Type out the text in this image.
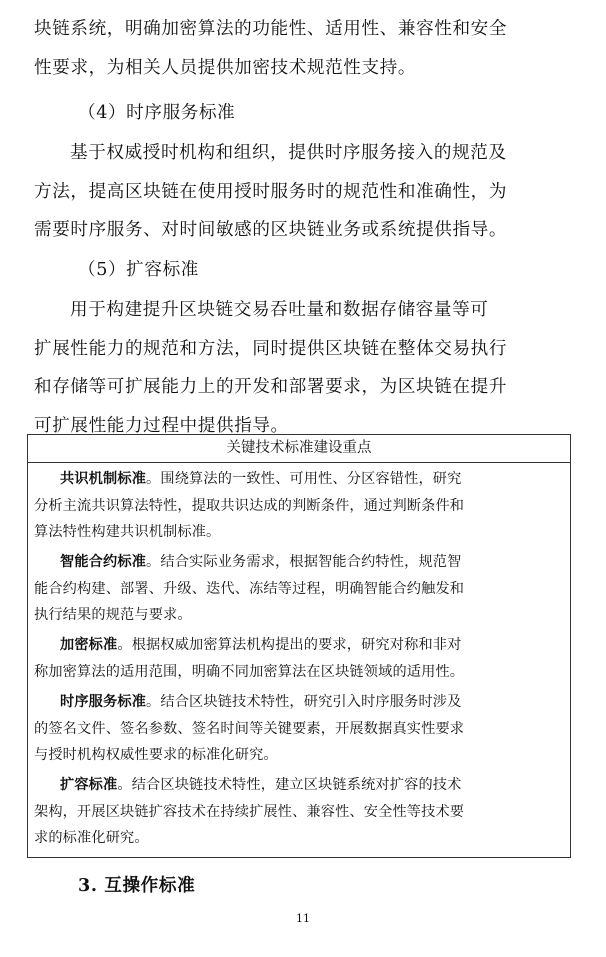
块链系统，明确加密算法的功能性、适用性、兼容性和安全
性要求，为相关人员提供加密技术规范性支持。

（4）时序服务标准

基于权威授时机构和组织，提供时序服务接入的规范及
方法，提高区块链在使用授时服务时的规范性和准确性，为
需要时序服务、对时间敏感的区块链业务或系统提供指导。

（5）扩容标准

用于构建提升区块链交易吞吐量和数据存储容量等可
扩展性能力的规范和方法，同时提供区块链在整体交易执行
和存储等可扩展能力上的开发和部署要求，为区块链在提升
可扩展性能力过程中提供指导。
关键技术标准建设重点
共识机制标准。围绕算法的一致性、可用性、分区容错性，研究
分析主流共识算法特性，提取共识达成的判断条件，通过判断条件和
算法特性构建共识机制标准。
智能合约标准。结合实际业务需求，根据智能合约特性，规范智
能合约构建、部署、升级、迭代、冻结等过程，明确智能合约触发和
执行结果的规范与要求。
加密标准。根据权威加密算法机构提出的要求，研究对称和非对
称加密算法的适用范围，明确不同加密算法在区块链领域的适用性。
时序服务标准。结合区块链技术特性，研究引入时序服务时涉及
的签名文件、签名参数、签名时间等关键要素，开展数据真实性要求
与授时机构权威性要求的标准化研究。
扩容标准。结合区块链技术特性，建立区块链系统对扩容的技术
架构，开展区块链扩容技术在持续扩展性、兼容性、安全性等技术要
求的标准化研究。

3. 互操作标准

11
